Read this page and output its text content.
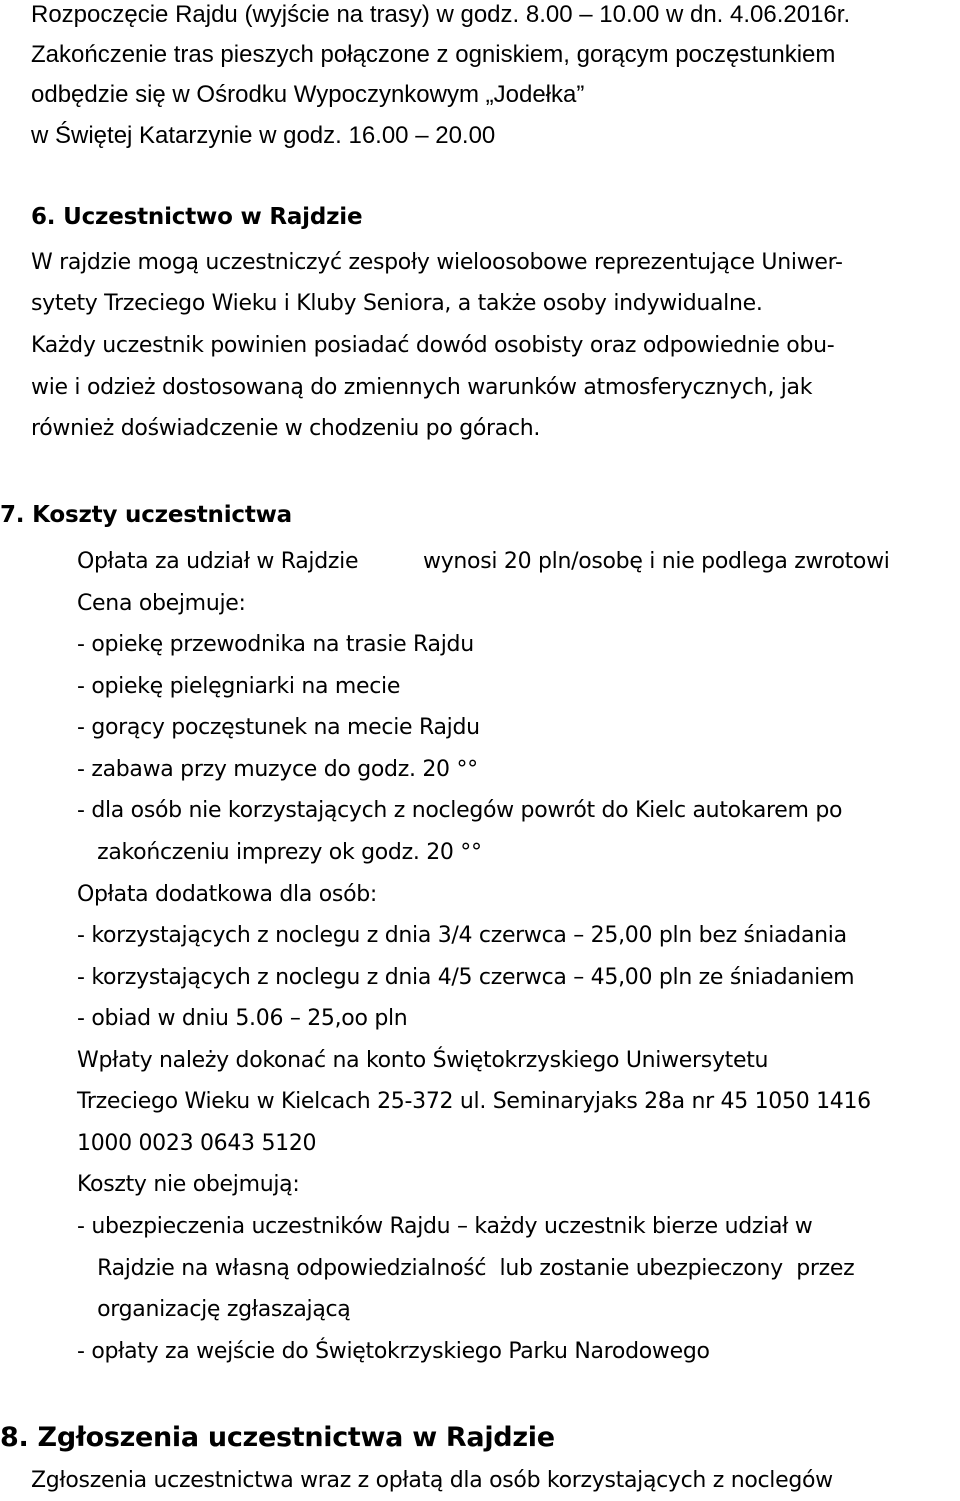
Rozpoczęcie Rajdu (wyjście na trasy) w godz. 8.00 – 10.00 w dn. 4.06.2016r.
Zakończenie tras pieszych połączone z ogniskiem, gorącym poczęstunkiem
odbędzie się w Ośrodku Wypoczynkowym „Jodełka”
w Świętej Katarzynie w godz. 16.00 – 20.00
6. Uczestnictwo w Rajdzie
W rajdzie mogą uczestniczyć zespoły wieloosobowe reprezentujące Uniwer-
sytety Trzeciego Wieku i Kluby Seniora, a także osoby indywidualne.
Każdy uczestnik powinien posiadać dowód osobisty oraz odpowiednie obu-
wie i odzież dostosowaną do zmiennych warunków atmosferycznych, jak
również doświadczenie w chodzeniu po górach.
7. Koszty uczestnictwa
Opłata za udział w Rajdzie	wynosi 20 pln/osobę i nie podlega zwrotowi
Cena obejmuje:
- opiekę przewodnika na trasie Rajdu
- opiekę pielęgniarki na mecie
- gorący poczęstunek na mecie Rajdu
- zabawa przy muzyce do godz. 20 °°
- dla osób nie korzystających z noclegów powrót do Kielc autokarem po
zakończeniu imprezy ok godz. 20 °°
Opłata dodatkowa dla osób:
- korzystających z noclegu z dnia 3/4 czerwca – 25,00 pln bez śniadania
- korzystających z noclegu z dnia 4/5 czerwca – 45,00 pln ze śniadaniem
- obiad w dniu 5.06 – 25,oo pln
Wpłaty należy dokonać na konto Świętokrzyskiego Uniwersytetu
Trzeciego Wieku w Kielcach 25-372 ul. Seminaryjaks 28a nr 45 1050 1416
1000 0023 0643 5120
Koszty nie obejmują:
- ubezpieczenia uczestników Rajdu – każdy uczestnik bierze udział w
Rajdzie na własną odpowiedzialność  lub zostanie ubezpieczony  przez
organizację zgłaszającą
- opłaty za wejście do Świętokrzyskiego Parku Narodowego
8. Zgłoszenia uczestnictwa w Rajdzie
Zgłoszenia uczestnictwa wraz z opłatą dla osób korzystających z noclegów
